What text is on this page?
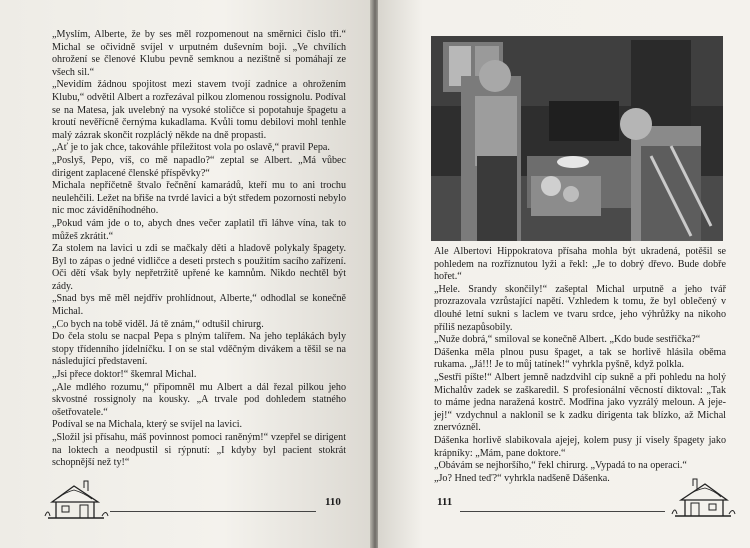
„Myslím, Alberte, že by ses měl rozpomenout na směrnici číslo tři.“ Michal se očividně svíjel v urputném duševním boji. „Ve chvílích ohrožení se členové Klubu pevně semknou a nezištně si pomáhají ze všech sil.“

„Nevidím žádnou spojitost mezi stavem tvojí zadnice a ohrožením Klubu,“ odvětil Albert a rozřezával pilkou zlomenou rossignolu. Podíval se na Matesa, jak uvelebný na vysoké stoličce si popotahuje špagetu a kroutí nevěřícně černýma kukadlama. Kvůli tomu debilovi mohl tenhle malý zázrak skončit rozpláclý někde na dně propasti.

„Ať je to jak chce, takováhle příležitost vola po oslavě,“ pravil Pepa.

„Poslyš, Pepo, víš, co mě napadlo?“ zeptal se Albert. „Má vůbec dirigent zaplacené členské příspěvky?“

Michala nepříčetně štvalo řečnění kamarádů, kteří mu to ani trochu neulehčili. Ležet na břiše na tvrdé lavici a být středem pozornosti nebylo nic moc záviděníhodného.

„Pokud vám jde o to, abych dnes večer zaplatil tři láhve vína, tak to můžeš zkrátit.“

Za stolem na lavici u zdi se mačkaly děti a hladově polykaly špagety. Byl to zápas o jedné vidličce a deseti prstech s použitím sacího zařízení. Oči dětí však byly nepřetržitě upřené ke kamnům. Nikdo nechtěl být zády.

„Snad bys mě měl nejdřív prohlídnout, Alberte,“ odhodlal se konečně Michal.

„Co bych na tobě viděl. Já tě znám,“ odtušil chirurg.

Do čela stolu se nacpal Pepa s plným talířem. Na jeho teplákách byly stopy třídenního jídelníčku. I on se stal vděčným divákem a těšil se na následující představení.

„Jsi přece doktor!“ škemral Michal.

„Ale mdlého rozumu,“ připomněl mu Albert a dál řezal pilkou jeho skvostné rossignoly na kousky. „A trvale pod dohledem statného ošetřovatele.“

Podíval se na Michala, který se svíjel na lavici.

„Složil jsi přísahu, máš povinnost pomoci raněným!“ vzepřel se dirigent na loktech a neodpustil si rýpnutí: „I kdyby byl pacient stokrát schopnější než ty!“

110

Ale Albertovi Hippokratova přísaha mohla být ukradená, potěšil se pohledem na rozříznutou lyži a řekl: „Je to dobrý dřevo. Bude dobře hořet.“

„Hele. Srandy skončily!“ zašeptal Michal urputně a jeho tvář prozrazovala vzrůstající napětí. Vzhledem k tomu, že byl oblečený v dlouhé letní sukni s laclem ve tvaru srdce, jeho výhrůžky na nikoho příliš nezapůsobily.

„Nuže dobrá,“ smiloval se konečně Albert. „Kdo bude sestřička?“

Dášenka měla plnou pusu špaget, a tak se horlivě hlásila oběma rukama. „Já!!! Je to můj tatínek!“ vyhrkla pyšně, když polkla.

„Sestři píšte!“ Albert jemně nadzdvihl cíp sukně a při pohledu na holý Michalův zadek se zaškaredil. S profesionální věcností diktoval: „Tak to máme jedna naražená kostrč. Modřina jako vyzrálý meloun. A jeje-jej!“ vzdychnul a naklonil se k zadku dirigenta tak blízko, až Michal znervózněl.

Dášenka horlivě slabikovala ajejej, kolem pusy jí visely špagety jako krápníky: „Mám, pane doktore.“

„Obávám se nejhoršího,“ řekl chirurg. „Vypadá to na operaci.“

„Jo? Hned teď?“ vyhrkla nadšeně Dášenka.

111
